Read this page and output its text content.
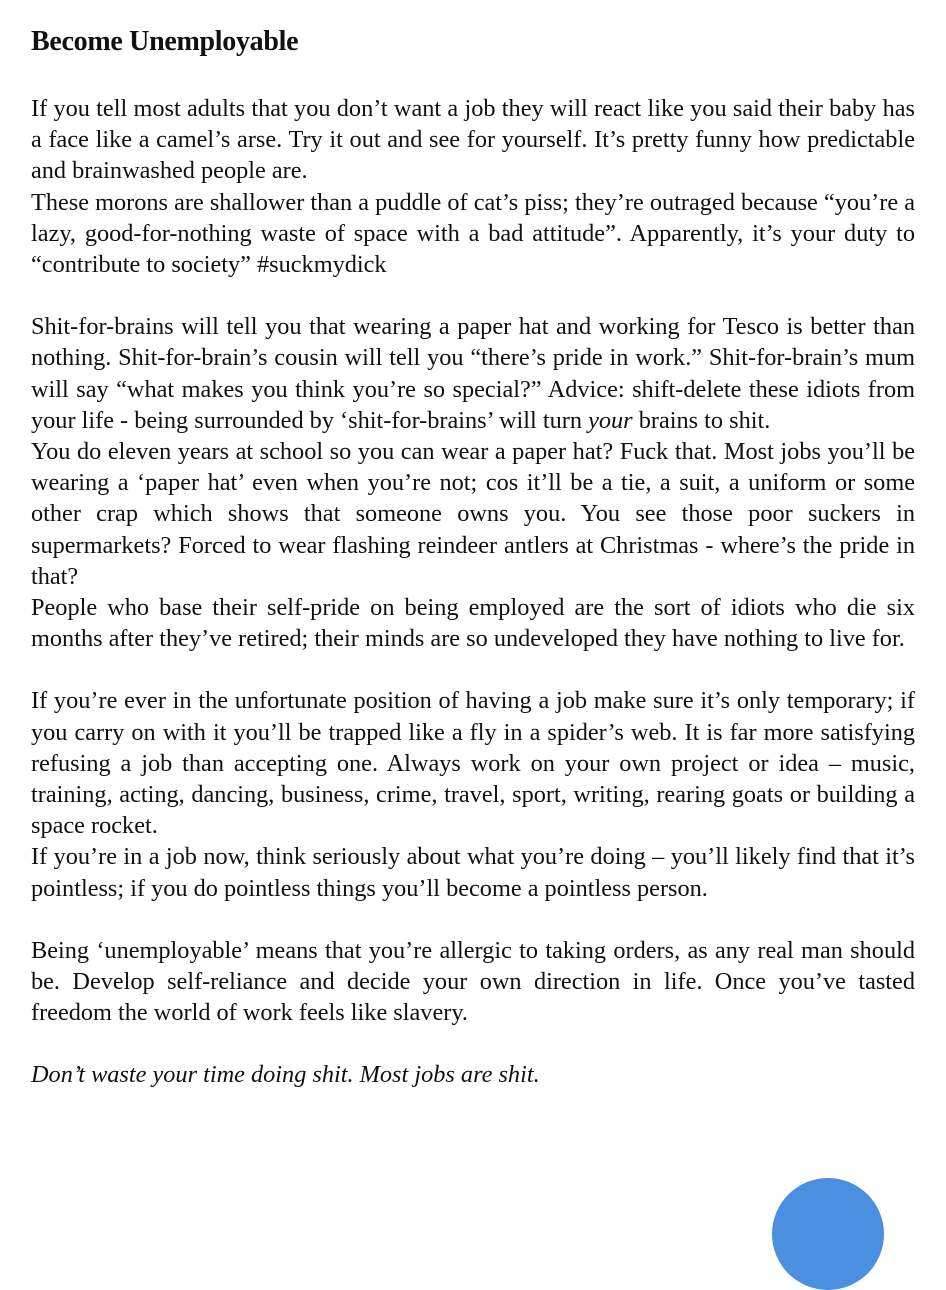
Become Unemployable

If you tell most adults that you don’t want a job they will react like you said their baby has a face like a camel’s arse. Try it out and see for yourself. It’s pretty funny how predictable and brainwashed people are.

These morons are shallower than a puddle of cat’s piss; they’re outraged because “you’re a lazy, good-for-nothing waste of space with a bad attitude”. Apparently, it’s your duty to “contribute to society” #suckmydick

Shit-for-brains will tell you that wearing a paper hat and working for Tesco is better than nothing. Shit-for-brain’s cousin will tell you “there’s pride in work.” Shit-for-brain’s mum will say “what makes you think you’re so special?” Advice: shift-delete these idiots from your life - being surrounded by ‘shit-for-brains’ will turn your brains to shit.

You do eleven years at school so you can wear a paper hat? Fuck that. Most jobs you’ll be wearing a ‘paper hat’ even when you’re not; cos it’ll be a tie, a suit, a uniform or some other crap which shows that someone owns you. You see those poor suckers in supermarkets? Forced to wear flashing reindeer antlers at Christmas - where’s the pride in that?

People who base their self-pride on being employed are the sort of idiots who die six months after they’ve retired; their minds are so undeveloped they have nothing to live for.

If you’re ever in the unfortunate position of having a job make sure it’s only temporary; if you carry on with it you’ll be trapped like a fly in a spider’s web. It is far more satisfying refusing a job than accepting one. Always work on your own project or idea – music, training, acting, dancing, business, crime, travel, sport, writing, rearing goats or building a space rocket.

If you’re in a job now, think seriously about what you’re doing – you’ll likely find that it’s pointless; if you do pointless things you’ll become a pointless person.

Being ‘unemployable’ means that you’re allergic to taking orders, as any real man should be. Develop self-reliance and decide your own direction in life. Once you’ve tasted freedom the world of work feels like slavery.

Don’t waste your time doing shit. Most jobs are shit.
